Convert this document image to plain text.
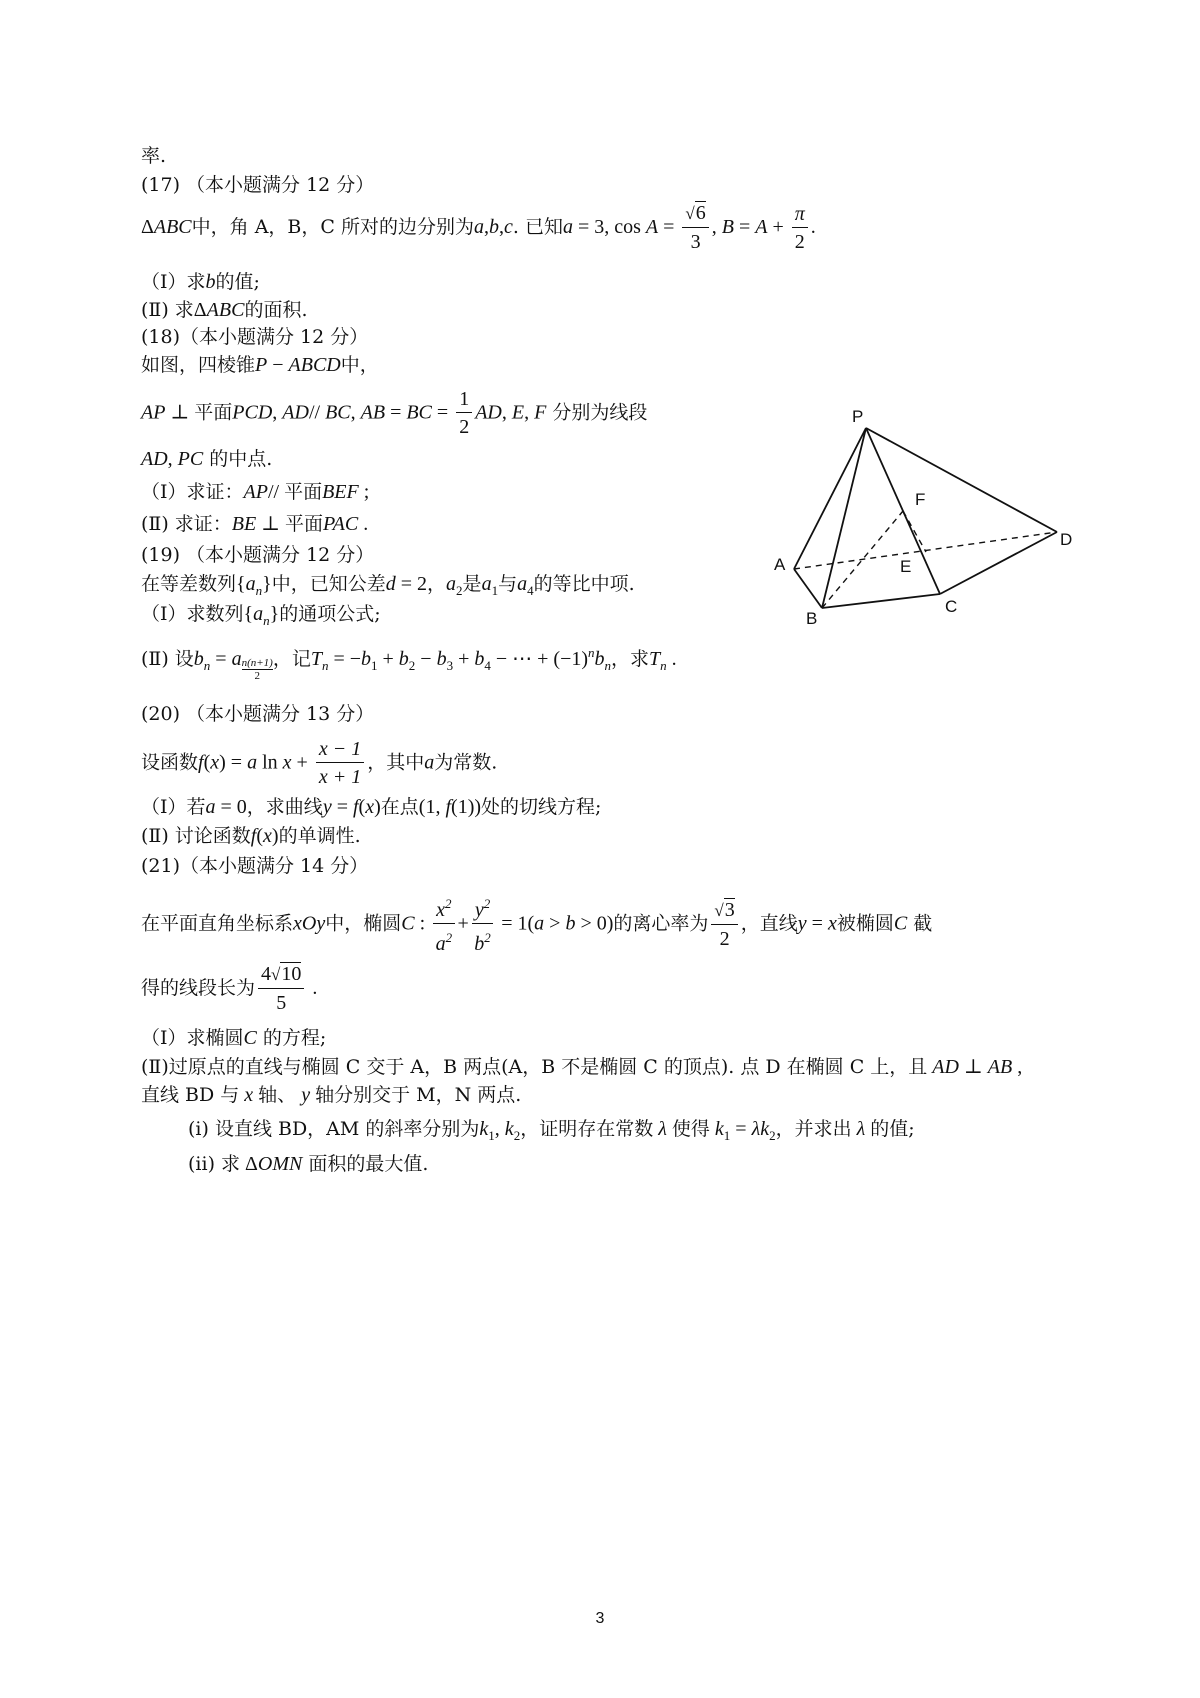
率.
(17) （本小题满分 12 分）
ΔABC中，角 A，B，C 所对的边分别为a,b,c. 已知a = 3, $\cos A = \frac{√6}{3}$ , $B = A + \frac{\pi}{2}$ .
（Ⅰ）求b的值;
(Ⅱ) 求ΔABC的面积.
(18)（本小题满分 12 分）
如图，四棱锥P − ABCD中，
AP ⊥ 平面PCD, AD// BC, AB = BC = $\frac{1}{2}$ AD, E, F 分别为线段
AD, PC 的中点.
（Ⅰ）求证：AP// 平面BEF ;
(Ⅱ) 求证：BE ⊥ 平面PAC .
(19) （本小题满分 12 分）
在等差数列$\{a_n\}$中，已知公差d = 2，$a_2$是$a_1$与$a_4$的等比中项.
（Ⅰ）求数列$\{a_n\}$的通项公式;
(Ⅱ) 设$b_n = a \frac{n(n+1)}{2}$ ，记$T_n = -b_1 + b_2 - b_3 + b_4$ − ⋯ + $(-1)^nb_n$，求$T_n$ .
(20) （本小题满分 13 分）
设函数f(x) = a $\ln x + \frac{x - 1}{x + 1}$ ，其中a为常数.
（Ⅰ）若a = 0，求曲线y = f(x)在点(1, f(1))处的切线方程;
(Ⅱ) 讨论函数f(x)的单调性.
(21)（本小题满分 14 分）
在平面直角坐标系xOy中，椭圆C : $\frac{x^2}{a^2} + \frac{y^2}{b^2} = 1(a > b > 0)$的离心率为 $\frac{√3}{2}$ ，直线y = x被椭圆C 截
得的线段长为 $\frac{4√10}{5}$ .
（Ⅰ）求椭圆C 的方程;
(Ⅱ)过原点的直线与椭圆 C 交于 A，B 两点(A，B 不是椭圆 C 的顶点). 点 D 在椭圆 C 上，且 AD ⊥ AB ,
直线 BD 与 x 轴、 y 轴分别交于 M，N 两点.
(i) 设直线 BD，AM 的斜率分别为$k_1$, $k_2$，证明存在常数 λ 使得 $k_1 = \lambda k_2$，并求出 λ 的值;
(ii) 求 ΔOMN 面积的最大值.
P
F
D
A	E
C
B
3
